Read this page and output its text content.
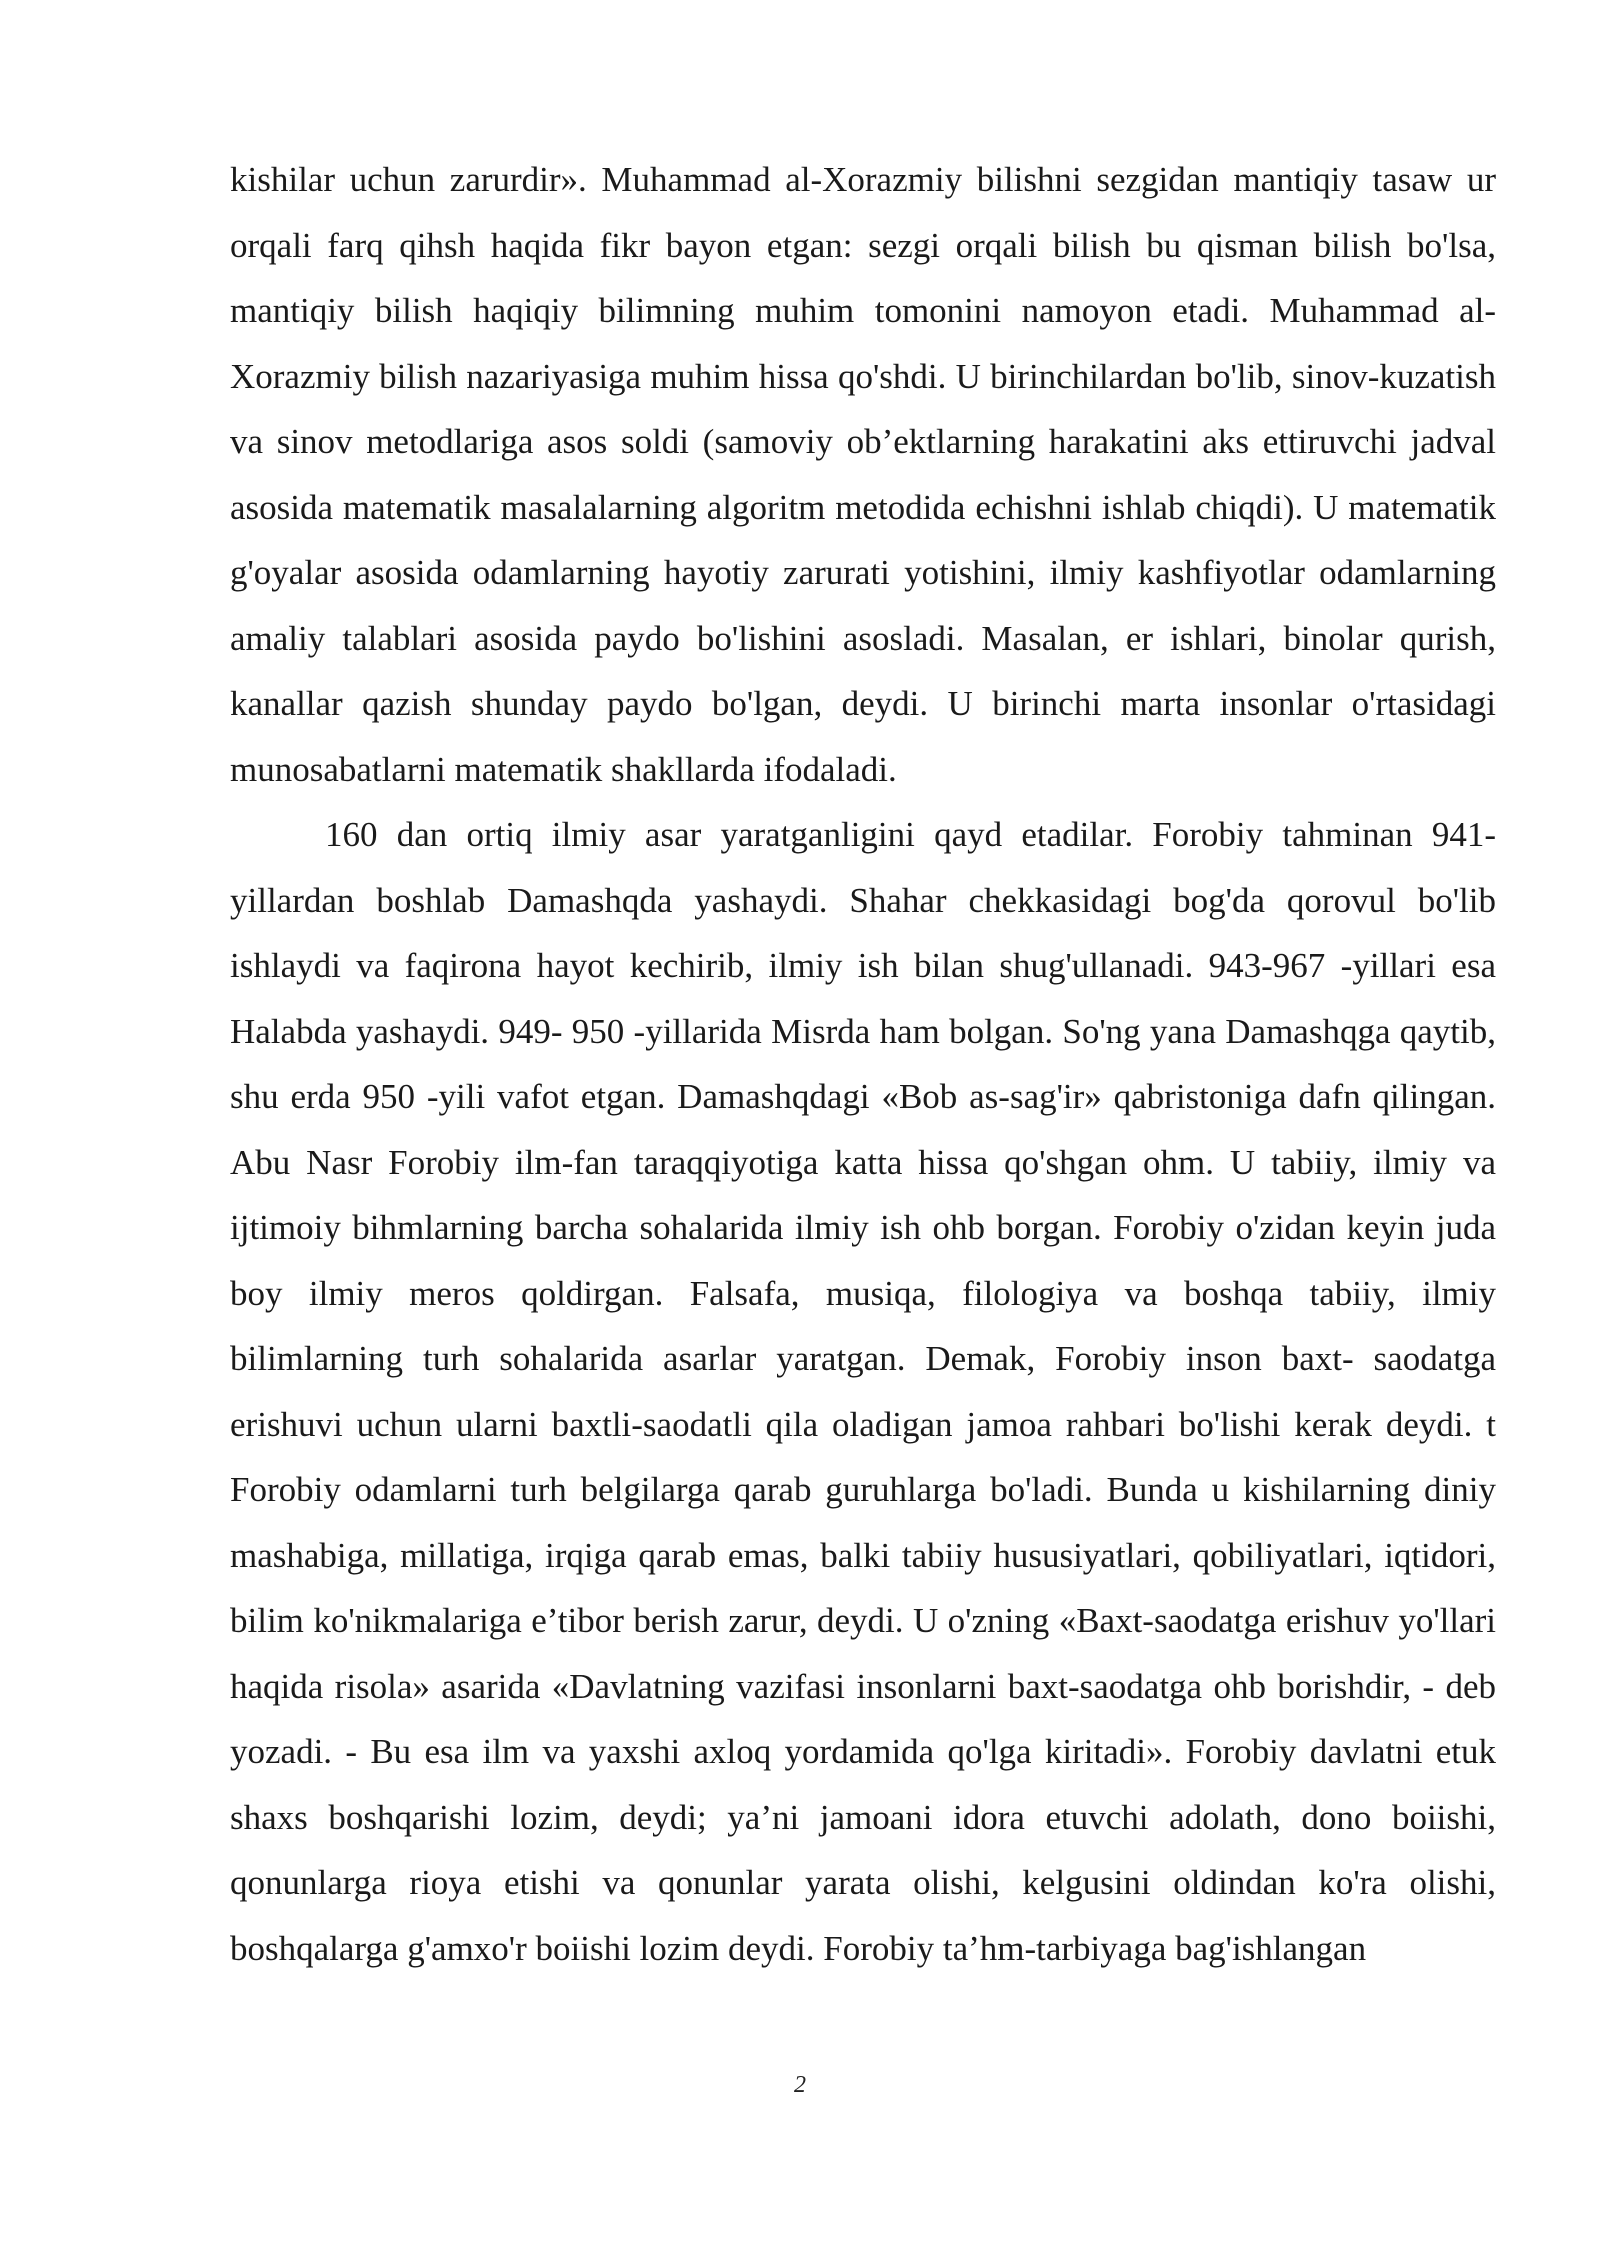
kishilar uchun zarurdir». Muhammad al-Xorazmiy bilishni sezgidan mantiqiy tasaw ur orqali farq qihsh haqida fikr bayon etgan: sezgi orqali bilish bu qisman bilish bo'lsa, mantiqiy bilish haqiqiy bilimning muhim tomonini namoyon etadi. Muhammad al-Xorazmiy bilish nazariyasiga muhim hissa qo'shdi. U birinchilardan bo'lib, sinov-kuzatish va sinov metodlariga asos soldi (samoviy ob’ektlarning harakatini aks ettiruvchi jadval asosida matematik masalalarning algoritm metodida echishni ishlab chiqdi). U matematik g'oyalar asosida odamlarning hayotiy zarurati yotishini, ilmiy kashfiyotlar odamlarning amaliy talablari asosida paydo bo'lishini asosladi. Masalan, er ishlari, binolar qurish, kanallar qazish shunday paydo bo'lgan, deydi. U birinchi marta insonlar o'rtasidagi munosabatlarni matematik shakllarda ifodaladi.

160 dan ortiq ilmiy asar yaratganligini qayd etadilar. Forobiy tahminan 941-yillardan boshlab Damashqda yashaydi. Shahar chekkasidagi bog'da qorovul bo'lib ishlaydi va faqirona hayot kechirib, ilmiy ish bilan shug'ullanadi. 943-967 -yillari esa Halabda yashaydi. 949- 950 -yillarida Misrda ham bolgan. So'ng yana Damashqga qaytib, shu erda 950 -yili vafot etgan. Damashqdagi «Bob as-sag'ir» qabristoniga dafn qilingan. Abu Nasr Forobiy ilm-fan taraqqiyotiga katta hissa qo'shgan ohm. U tabiiy, ilmiy va ijtimoiy bihmlarning barcha sohalarida ilmiy ish ohb borgan. Forobiy o'zidan keyin juda boy ilmiy meros qoldirgan. Falsafa, musiqa, filologiya va boshqa tabiiy, ilmiy bilimlarning turh sohalarida asarlar yaratgan. Demak, Forobiy inson baxt- saodatga erishuvi uchun ularni baxtli-saodatli qila oladigan jamoa rahbari bo'lishi kerak deydi. t Forobiy odamlarni turh belgilarga qarab guruhlarga bo'ladi. Bunda u kishilarning diniy mashabiga, millatiga, irqiga qarab emas, balki tabiiy hususiyatlari, qobiliyatlari, iqtidori, bilim ko'nikmalariga e’tibor berish zarur, deydi. U o'zning «Baxt-saodatga erishuv yo'llari haqida risola» asarida «Davlatning vazifasi insonlarni baxt-saodatga ohb borishdir, - deb yozadi. - Bu esa ilm va yaxshi axloq yordamida qo'lga kiritadi». Forobiy davlatni etuk shaxs boshqarishi lozim, deydi; ya’ni jamoani idora etuvchi adolath, dono boiishi, qonunlarga rioya etishi va qonunlar yarata olishi, kelgusini oldindan ko'ra olishi, boshqalarga g'amxo'r boiishi lozim deydi. Forobiy ta’hm-tarbiyaga bag'ishlangan

2
